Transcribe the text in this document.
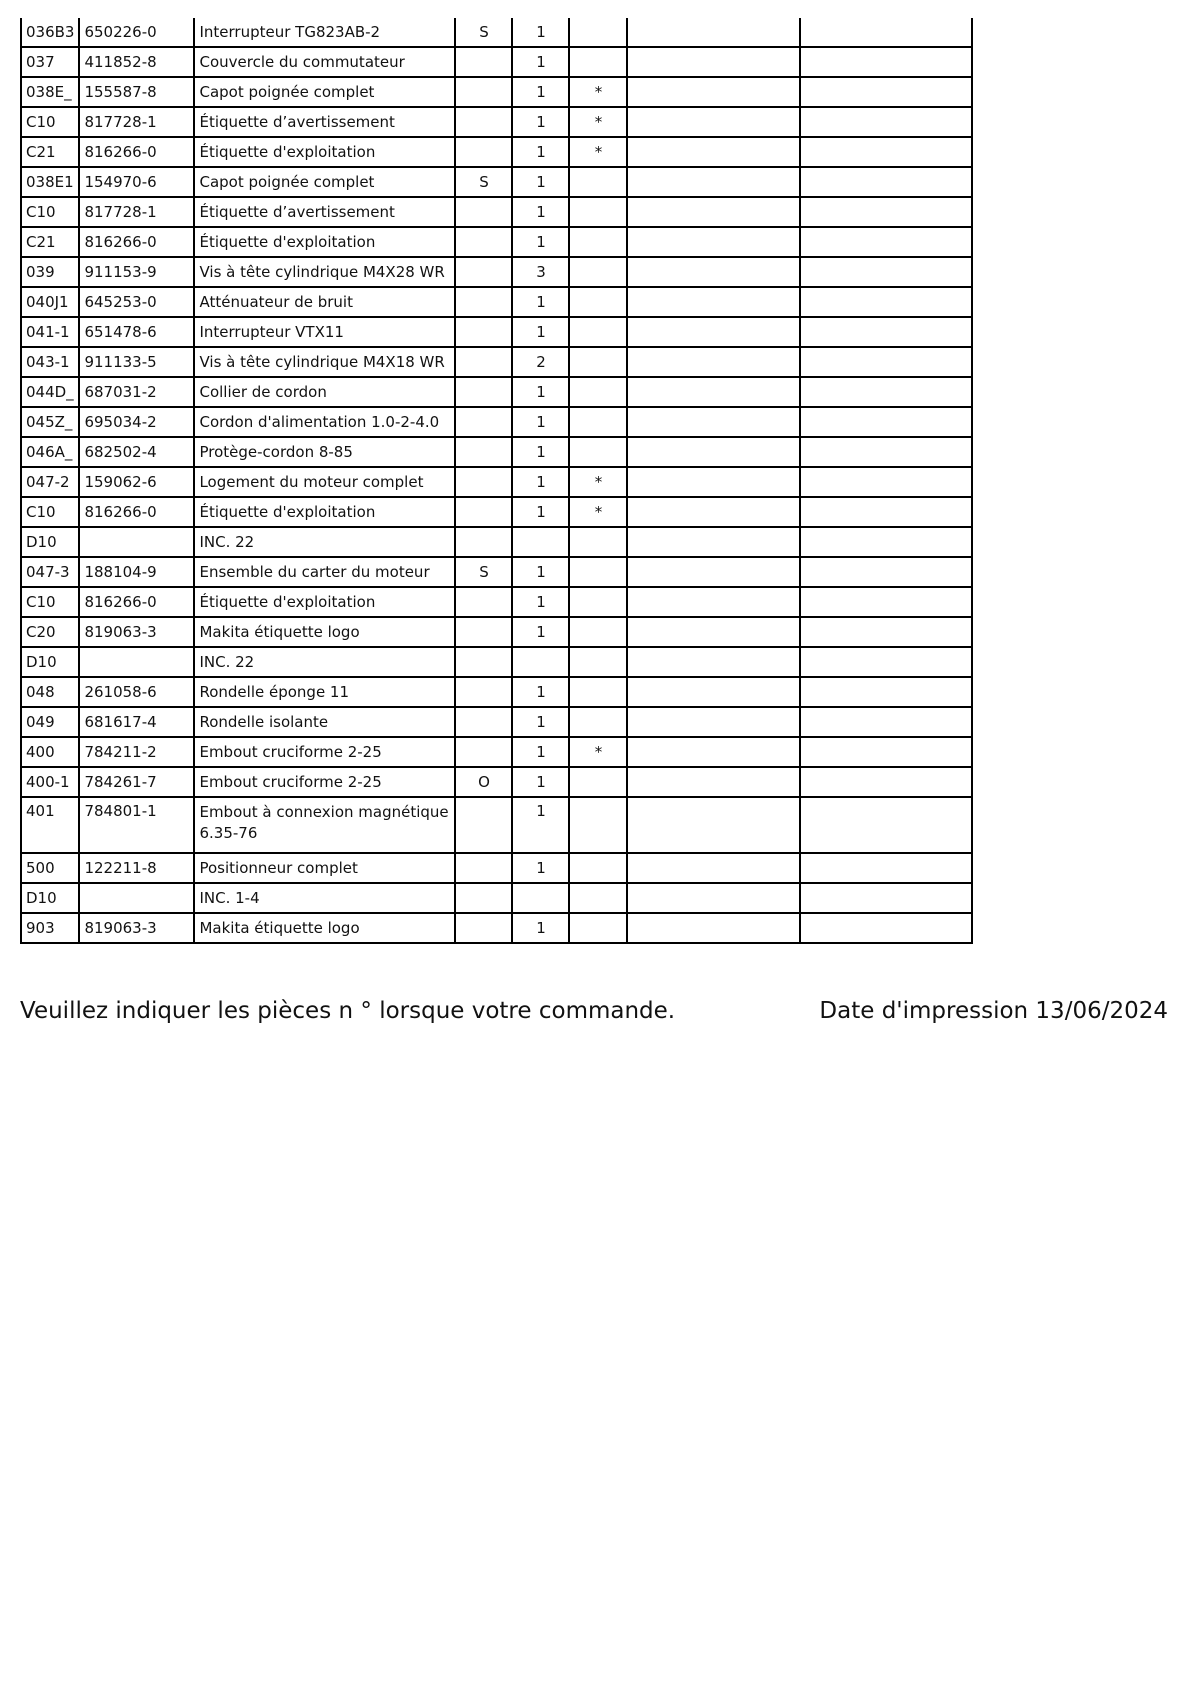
036B3	650226-0	Interrupteur TG823AB-2	S	1			
037	411852-8	Couvercle du commutateur		1			
038E_	155587-8	Capot poignée complet		1	*		
C10	817728-1	Étiquette d’avertissement		1	*		
C21	816266-0	Étiquette d'exploitation		1	*		
038E1	154970-6	Capot poignée complet	S	1			
C10	817728-1	Étiquette d’avertissement		1			
C21	816266-0	Étiquette d'exploitation		1			
039	911153-9	Vis à tête cylindrique M4X28 WR		3			
040J1	645253-0	Atténuateur de bruit		1			
041-1	651478-6	Interrupteur VTX11		1			
043-1	911133-5	Vis à tête cylindrique M4X18 WR		2			
044D_	687031-2	Collier de cordon		1			
045Z_	695034-2	Cordon d'alimentation 1.0-2-4.0		1			
046A_	682502-4	Protège-cordon 8-85		1			
047-2	159062-6	Logement du moteur complet		1	*		
C10	816266-0	Étiquette d'exploitation		1	*		
D10		INC. 22					
047-3	188104-9	Ensemble du carter du moteur	S	1			
C10	816266-0	Étiquette d'exploitation		1			
C20	819063-3	Makita étiquette logo		1			
D10		INC. 22					
048	261058-6	Rondelle éponge 11		1			
049	681617-4	Rondelle isolante		1			
400	784211-2	Embout cruciforme 2-25		1	*		
400-1	784261-7	Embout cruciforme 2-25	O	1			
401	784801-1	Embout à connexion magnétique 6.35-76		1			
500	122211-8	Positionneur complet		1			
D10		INC. 1-4					
903	819063-3	Makita étiquette logo		1			
Veuillez indiquer les pièces n ° lorsque votre commande.	Date d'impression 13/06/2024
